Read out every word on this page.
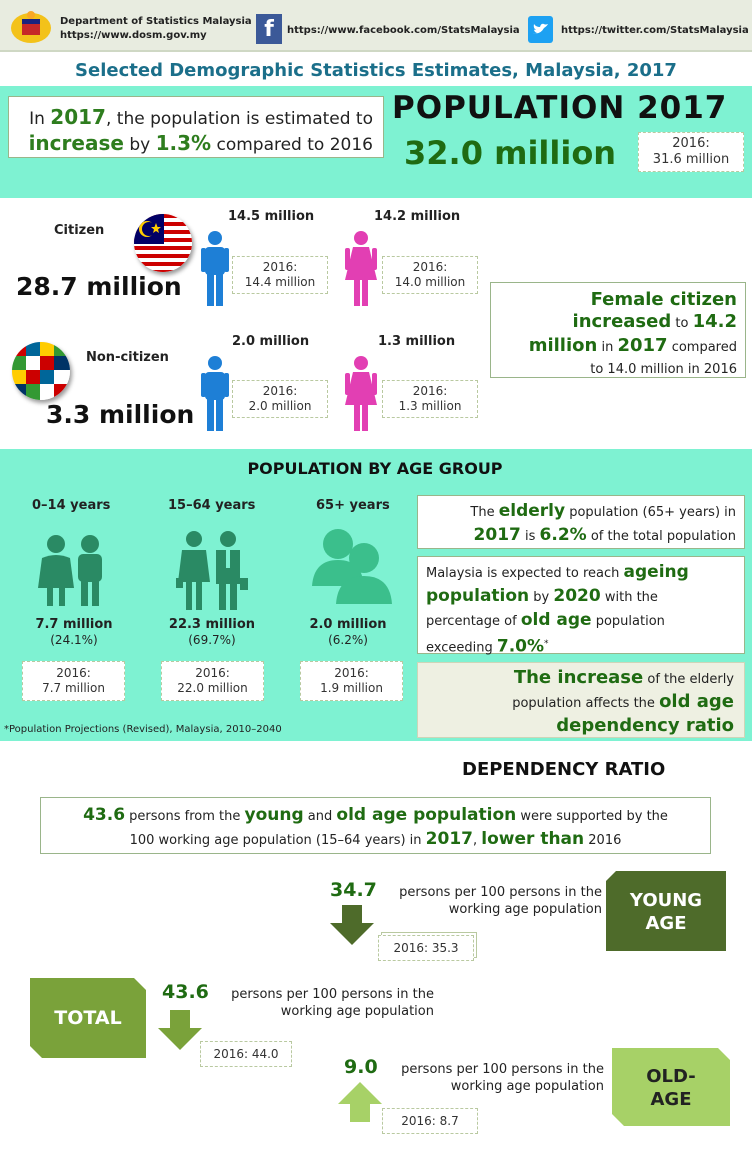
Department of Statistics Malaysia
https://www.dosm.gov.my	f	https://www.facebook.com/StatsMalaysia	https://twitter.com/StatsMalaysia
Selected Demographic Statistics Estimates, Malaysia, 2017
In 2017, the population is estimated to
increase by 1.3% compared to 2016
POPULATION 2017
32.0 million	2016:
31.6 million
Citizen
28.7 million
14.5 million
2016:
14.4 million
14.2 million
2016:
14.0 million
Non-citizen
3.3 million
2.0 million
2016:
2.0 million
1.3 million
2016:
1.3 million
Female citizen
increased to 14.2
million in 2017 compared
to 14.0 million in 2016
POPULATION BY AGE GROUP
0–14 years
7.7 million
(24.1%)
2016:
7.7 million
15–64 years
22.3 million
(69.7%)
2016:
22.0 million
65+ years
2.0 million
(6.2%)
2016:
1.9 million
The elderly population (65+ years) in
2017 is 6.2% of the total population
Malaysia is expected to reach ageing
population by 2020 with the
percentage of old age population
exceeding 7.0%*
The increase of the elderly
population affects the old age
dependency ratio
*Population Projections (Revised), Malaysia, 2010–2040
DEPENDENCY RATIO
43.6 persons from the young and old age population were supported by the
100 working age population (15–64 years) in 2017, lower than 2016
34.7	persons per 100 persons in the
working age population
2016: 35.3
YOUNG
AGE
TOTAL
43.6	persons per 100 persons in the
working age population
2016: 44.0
9.0	persons per 100 persons in the
working age population
2016: 8.7
OLD-
AGE
